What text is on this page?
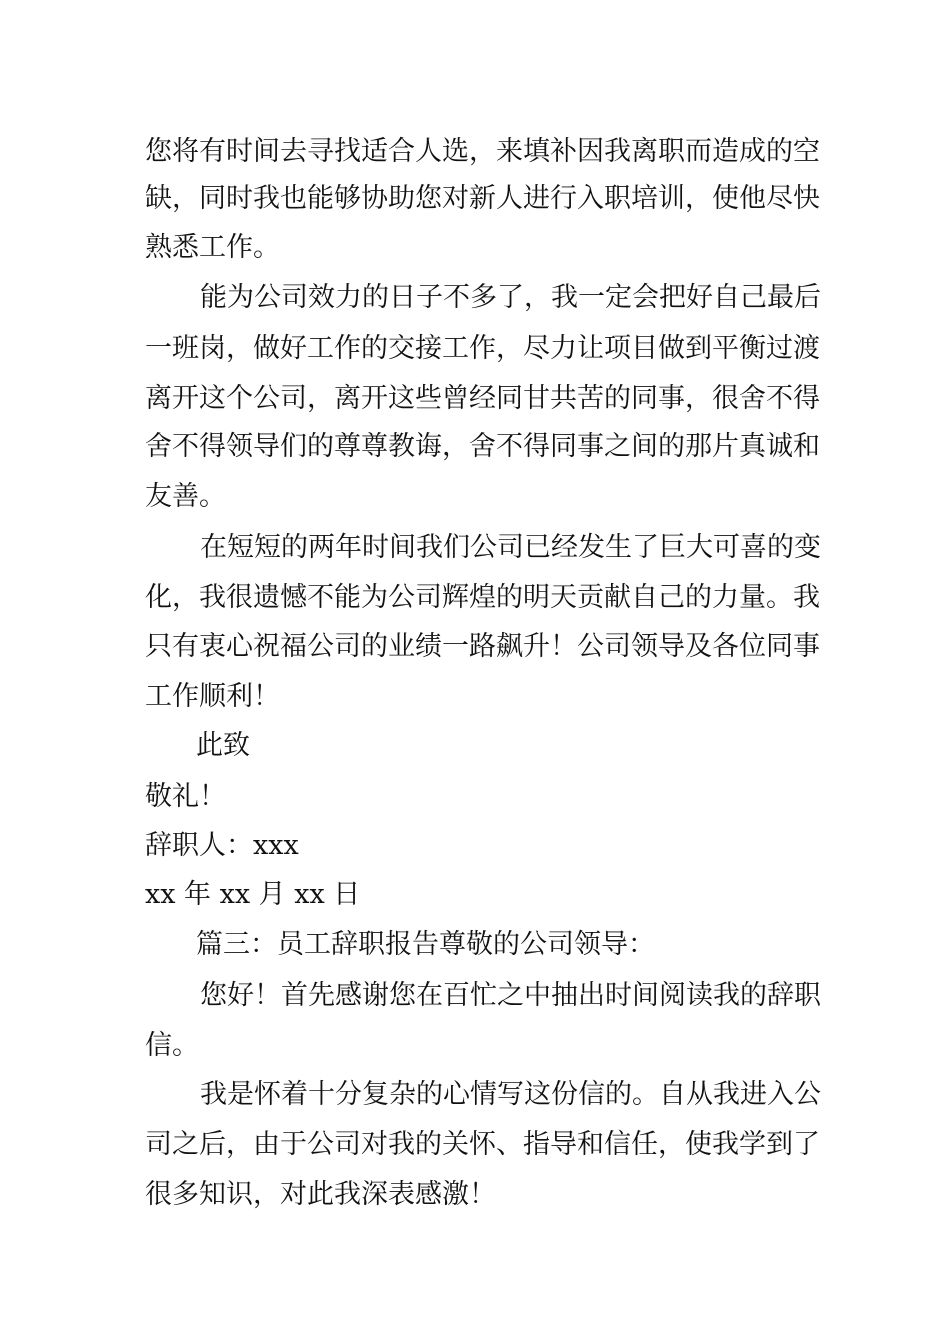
您将有时间去寻找适合人选，来填补因我离职而造成的空
缺，同时我也能够协助您对新人进行入职培训，使他尽快
熟悉工作。
能为公司效力的日子不多了，我一定会把好自己最后
一班岗，做好工作的交接工作，尽力让项目做到平衡过渡
离开这个公司，离开这些曾经同甘共苦的同事，很舍不得
舍不得领导们的尊尊教诲，舍不得同事之间的那片真诚和
友善。
在短短的两年时间我们公司已经发生了巨大可喜的变
化，我很遗憾不能为公司辉煌的明天贡献自己的力量。我
只有衷心祝福公司的业绩一路飙升！公司领导及各位同事
工作顺利！
此致
敬礼！
辞职人：xxx
xx 年 xx 月 xx 日
篇三：员工辞职报告尊敬的公司领导：
您好！首先感谢您在百忙之中抽出时间阅读我的辞职
信。
我是怀着十分复杂的心情写这份信的。自从我进入公
司之后，由于公司对我的关怀、指导和信任，使我学到了
很多知识，对此我深表感激！
